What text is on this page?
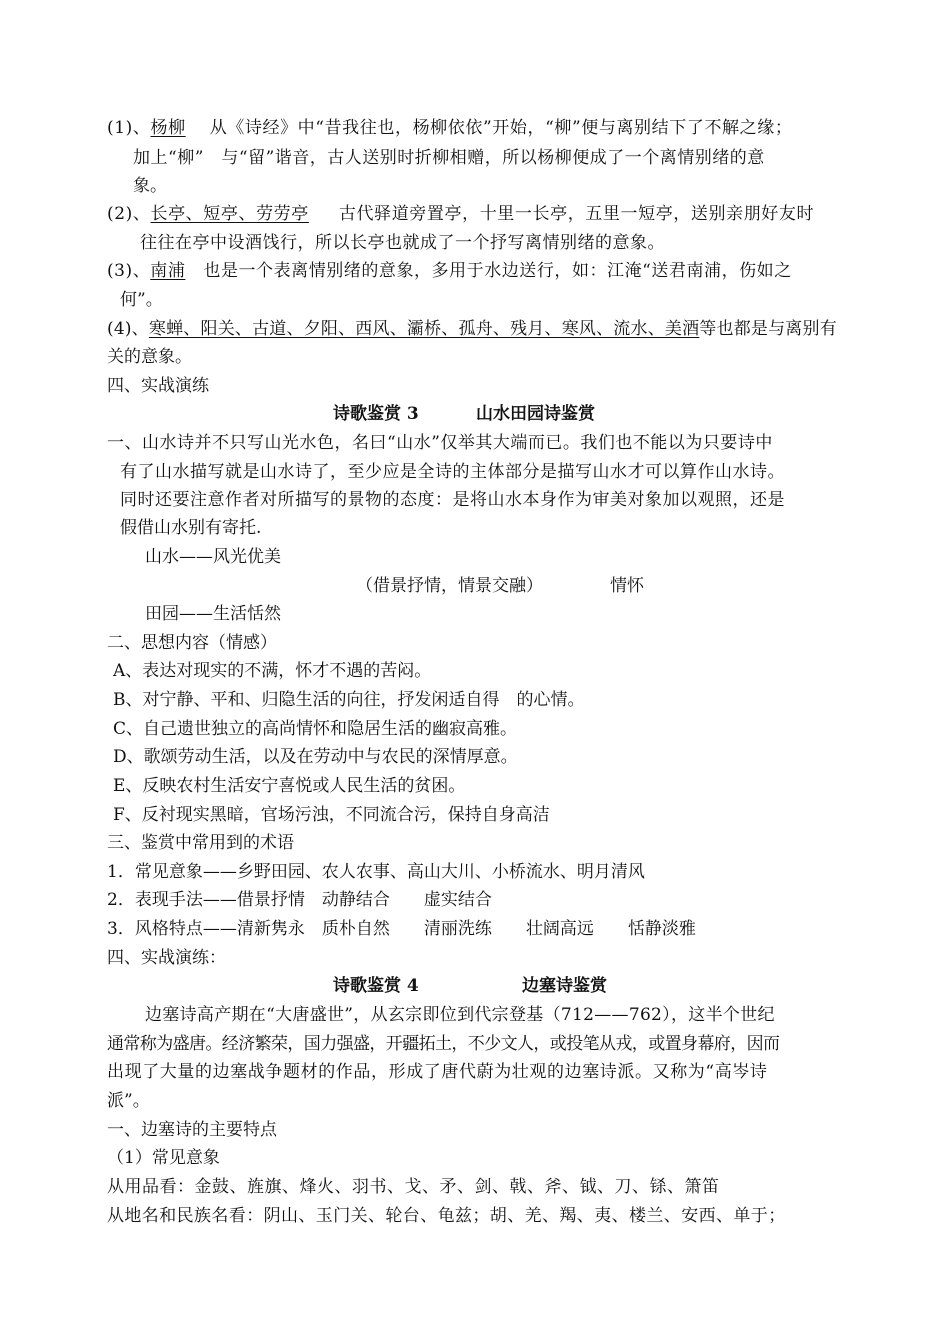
(1)、杨柳 从《诗经》中“昔我往也，杨柳依依”开始，“柳”便与离别结下了不解之缘；
加上“柳”　与“留”谐音，古人送别时折柳相赠，所以杨柳便成了一个离情别绪的意
象。
(2)、长亭、短亭、劳劳亭 古代驿道旁置亭，十里一长亭，五里一短亭，送别亲朋好友时
往往在亭中设酒饯行，所以长亭也就成了一个抒写离情别绪的意象。
(3)、南浦 也是一个表离情别绪的意象，多用于水边送行，如：江淹“送君南浦，伤如之
何”。
(4)、寒蝉、阳关、古道、夕阳、西风、灞桥、孤舟、残月、寒风、流水、美酒等也都是与离别有
关的意象。
四、实战演练
诗歌鉴赏 3	山水田园诗鉴赏
一、山水诗并不只写山光水色，名曰“山水”仅举其大端而已。我们也不能以为只要诗中
有了山水描写就是山水诗了，至少应是全诗的主体部分是描写山水才可以算作山水诗。
同时还要注意作者对所描写的景物的态度：是将山水本身作为审美对象加以观照，还是
假借山水别有寄托.
山水——风光优美
（借景抒情，情景交融）	情怀
田园——生活恬然
二、思想内容（情感）
A、表达对现实的不满，怀才不遇的苦闷。
B、对宁静、平和、归隐生活的向往，抒发闲适自得　的心情。
C、自己遗世独立的高尚情怀和隐居生活的幽寂高雅。
D、歌颂劳动生活，以及在劳动中与农民的深情厚意。
E、反映农村生活安宁喜悦或人民生活的贫困。
F、反衬现实黑暗，官场污浊，不同流合污，保持自身高洁
三、鉴赏中常用到的术语
1．常见意象——乡野田园、农人农事、高山大川、小桥流水、明月清风
2．表现手法——借景抒情　动静结合　　虚实结合
3．风格特点——清新隽永　质朴自然　　清丽洗练　　壮阔高远　　恬静淡雅
四、实战演练：
诗歌鉴赏 4	边塞诗鉴赏
边塞诗高产期在“大唐盛世”，从玄宗即位到代宗登基（712——762），这半个世纪
通常称为盛唐。经济繁荣，国力强盛，开疆拓土，不少文人，或投笔从戎，或置身幕府，因而
出现了大量的边塞战争题材的作品，形成了唐代蔚为壮观的边塞诗派。又称为“高岑诗
派”。
一、边塞诗的主要特点
（1）常见意象
从用品看：金鼓、旌旗、烽火、羽书、戈、矛、剑、戟、斧、钺、刀、铩、箫笛
从地名和民族名看：阴山、玉门关、轮台、龟兹；胡、羌、羯、夷、楼兰、安西、单于；
